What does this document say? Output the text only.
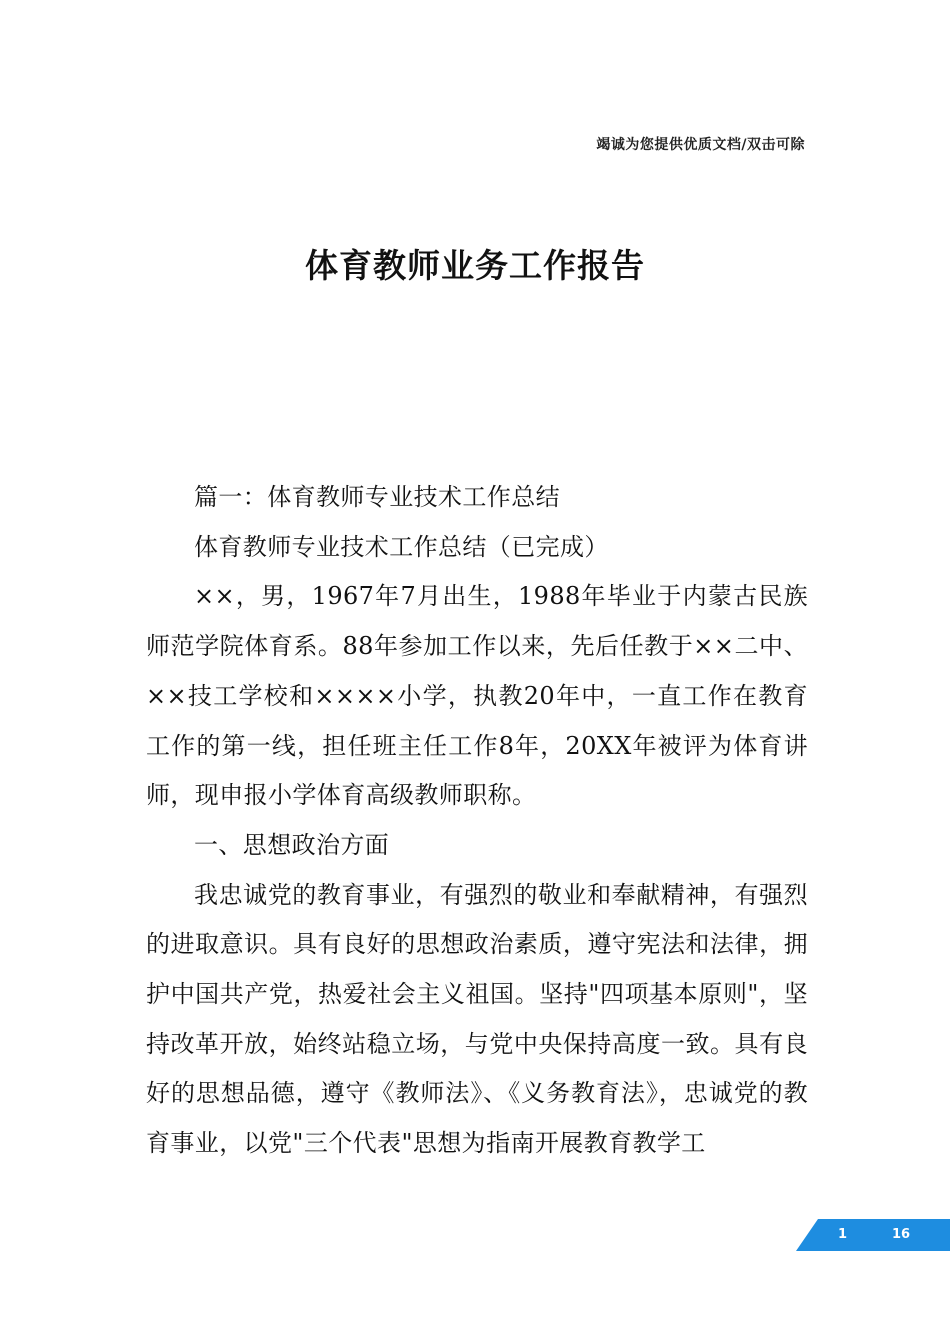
竭诚为您提供优质文档/双击可除
体育教师业务工作报告

篇一：体育教师专业技术工作总结

体育教师专业技术工作总结（已完成）

××，男，1967年7月出生，1988年毕业于内蒙古民族师范学院体育系。88年参加工作以来，先后任教于××二中、××技工学校和××××小学，执教20年中，一直工作在教育工作的第一线，担任班主任工作8年，20XX年被评为体育讲师，现申报小学体育高级教师职称。

一、思想政治方面

我忠诚党的教育事业，有强烈的敬业和奉献精神，有强烈的进取意识。具有良好的思想政治素质，遵守宪法和法律，拥护中国共产党，热爱社会主义祖国。坚持"四项基本原则"，坚持改革开放，始终站稳立场，与党中央保持高度一致。具有良好的思想品德，遵守《教师法》、《义务教育法》，忠诚党的教育事业，以党"三个代表"思想为指南开展教育教学工

1	16
